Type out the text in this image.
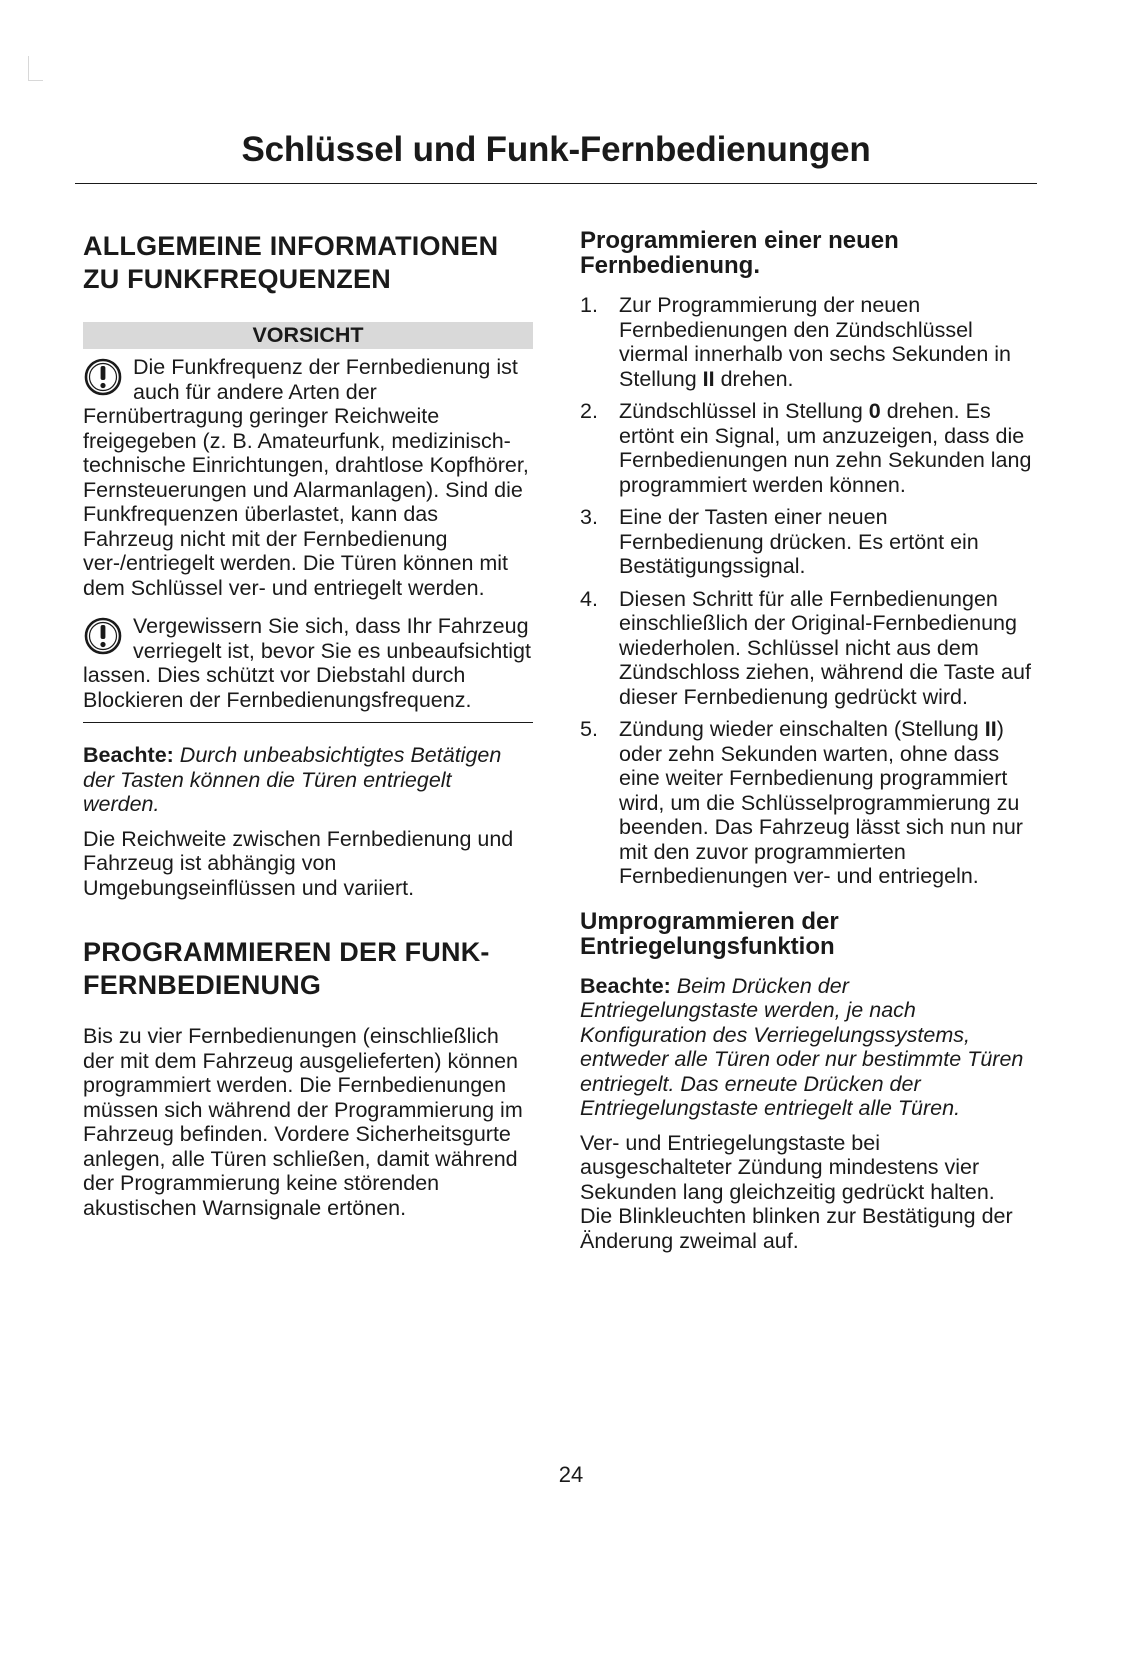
Schlüssel und Funk-Fernbedienungen
ALLGEMEINE INFORMATIONEN ZU FUNKFREQUENZEN
VORSICHT

Die Funkfrequenz der Fernbedienung ist auch für andere Arten der Fernübertragung geringer Reichweite freigegeben (z. B. Amateurfunk, medizinisch-technische Einrichtungen, drahtlose Kopfhörer, Fernsteuerungen und Alarmanlagen). Sind die Funkfrequenzen überlastet, kann das Fahrzeug nicht mit der Fernbedienung ver-/entriegelt werden. Die Türen können mit dem Schlüssel ver- und entriegelt werden.

Vergewissern Sie sich, dass Ihr Fahrzeug verriegelt ist, bevor Sie es unbeaufsichtigt lassen. Dies schützt vor Diebstahl durch Blockieren der Fernbedienungsfrequenz.

Beachte: Durch unbeabsichtigtes Betätigen der Tasten können die Türen entriegelt werden.

Die Reichweite zwischen Fernbedienung und Fahrzeug ist abhängig von Umgebungseinflüssen und variiert.

PROGRAMMIEREN DER FUNK-FERNBEDIENUNG

Bis zu vier Fernbedienungen (einschließlich der mit dem Fahrzeug ausgelieferten) können programmiert werden. Die Fernbedienungen müssen sich während der Programmierung im Fahrzeug befinden. Vordere Sicherheitsgurte anlegen, alle Türen schließen, damit während der Programmierung keine störenden akustischen Warnsignale ertönen.

Programmieren einer neuen Fernbedienung.
1. Zur Programmierung der neuen Fernbedienungen den Zündschlüssel viermal innerhalb von sechs Sekunden in Stellung II drehen.
2. Zündschlüssel in Stellung 0 drehen. Es ertönt ein Signal, um anzuzeigen, dass die Fernbedienungen nun zehn Sekunden lang programmiert werden können.
3. Eine der Tasten einer neuen Fernbedienung drücken. Es ertönt ein Bestätigungssignal.
4. Diesen Schritt für alle Fernbedienungen einschließlich der Original-Fernbedienung wiederholen. Schlüssel nicht aus dem Zündschloss ziehen, während die Taste auf dieser Fernbedienung gedrückt wird.
5. Zündung wieder einschalten (Stellung II) oder zehn Sekunden warten, ohne dass eine weiter Fernbedienung programmiert wird, um die Schlüsselprogrammierung zu beenden. Das Fahrzeug lässt sich nun nur mit den zuvor programmierten Fernbedienungen ver- und entriegeln.
Umprogrammieren der Entriegelungsfunktion

Beachte: Beim Drücken der Entriegelungstaste werden, je nach Konfiguration des Verriegelungssystems, entweder alle Türen oder nur bestimmte Türen entriegelt. Das erneute Drücken der Entriegelungstaste entriegelt alle Türen.

Ver- und Entriegelungstaste bei ausgeschalteter Zündung mindestens vier Sekunden lang gleichzeitig gedrückt halten. Die Blinkleuchten blinken zur Bestätigung der Änderung zweimal auf.

24
